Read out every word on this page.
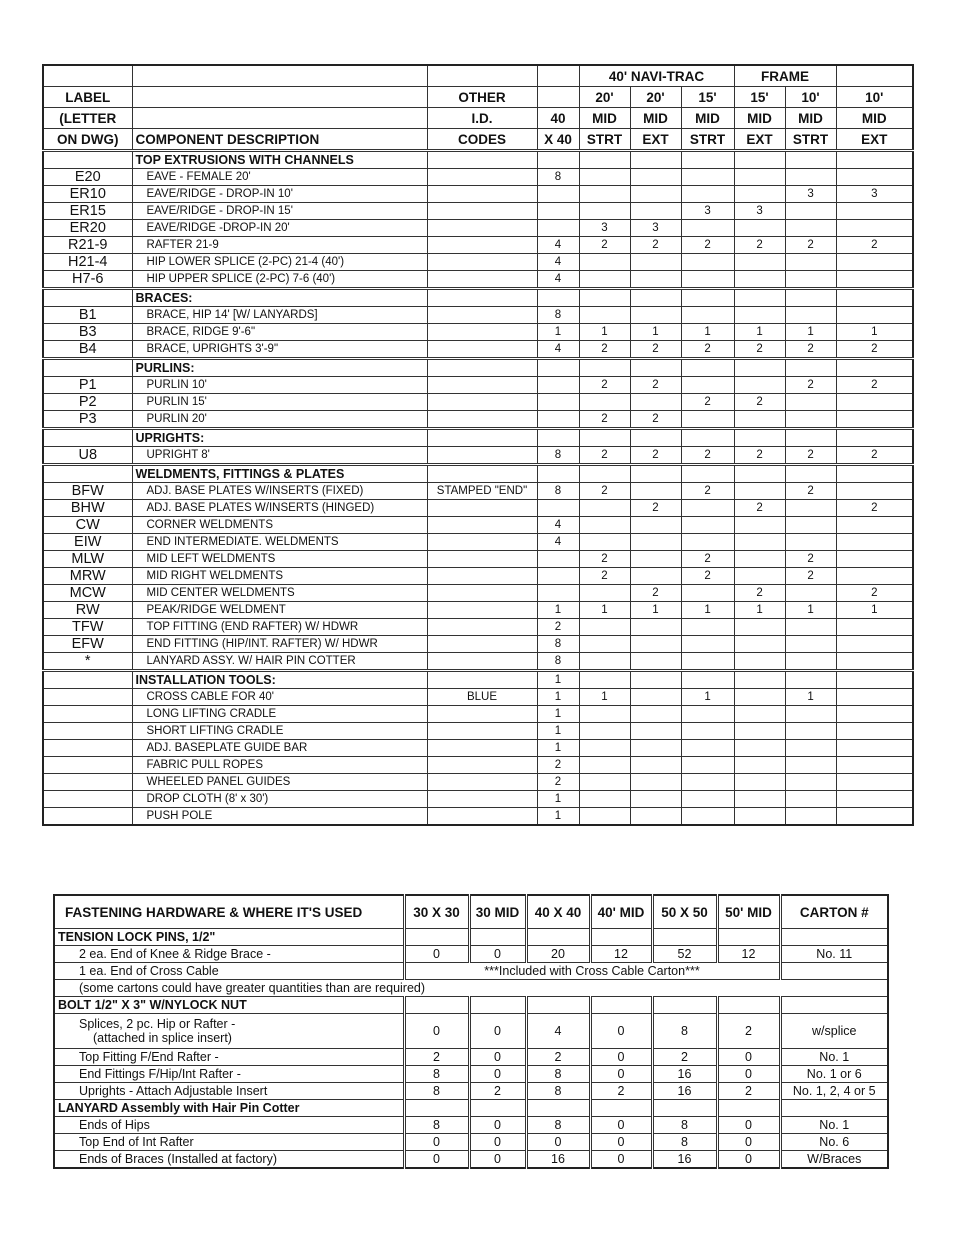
				40' NAVI-TRAC			FRAME		
LABEL		OTHER		20'	20'	15'	15'	10'	10'
(LETTER		I.D.	40	MID	MID	MID	MID	MID	MID
ON DWG)	COMPONENT DESCRIPTION	CODES	X 40	STRT	EXT	STRT	EXT	STRT	EXT
	TOP EXTRUSIONS WITH CHANNELS								
E20	EAVE - FEMALE 20'		8						
ER10	EAVE/RIDGE - DROP-IN 10'							3	3
ER15	EAVE/RIDGE - DROP-IN 15'					3	3		
ER20	EAVE/RIDGE -DROP-IN 20'			3	3				
R21-9	RAFTER 21-9		4	2	2	2	2	2	2
H21-4	HIP LOWER SPLICE (2-PC) 21-4 (40')		4						
H7-6	HIP UPPER SPLICE (2-PC) 7-6 (40')		4						
	BRACES:								
B1	BRACE, HIP 14' [W/ LANYARDS]		8						
B3	BRACE, RIDGE 9'-6"		1	1	1	1	1	1	1
B4	BRACE, UPRIGHTS 3'-9"		4	2	2	2	2	2	2
	PURLINS:								
P1	PURLIN 10'			2	2			2	2
P2	PURLIN 15'					2	2		
P3	PURLIN 20'			2	2				
	UPRIGHTS:								
U8	UPRIGHT 8'		8	2	2	2	2	2	2
	WELDMENTS, FITTINGS & PLATES								
BFW	ADJ. BASE PLATES W/INSERTS (FIXED)	STAMPED "END"	8	2		2		2	
BHW	ADJ. BASE PLATES W/INSERTS (HINGED)				2		2		2
CW	CORNER WELDMENTS		4						
EIW	END INTERMEDIATE. WELDMENTS		4						
MLW	MID LEFT WELDMENTS			2		2		2	
MRW	MID RIGHT WELDMENTS			2		2		2	
MCW	MID CENTER WELDMENTS				2		2		2
RW	PEAK/RIDGE WELDMENT		1	1	1	1	1	1	1
TFW	TOP FITTING (END RAFTER) W/ HDWR		2						
EFW	END FITTING (HIP/INT. RAFTER) W/ HDWR		8						
*	LANYARD ASSY. W/ HAIR PIN COTTER		8						
	INSTALLATION TOOLS:		1						
	CROSS CABLE FOR 40'	BLUE	1	1		1		1	
	LONG LIFTING CRADLE		1						
	SHORT LIFTING CRADLE		1						
	ADJ. BASEPLATE GUIDE BAR		1						
	FABRIC PULL ROPES		2						
	WHEELED PANEL GUIDES		2						
	DROP CLOTH (8' x 30')		1						
	PUSH POLE		1						
FASTENING HARDWARE & WHERE IT'S USED	30 X 30	30 MID	40 X 40	40' MID	50 X 50	50' MID	CARTON #
TENSION LOCK PINS, 1/2"							

2 ea. End of Knee & Ridge Brace -	0	0	20	12	52	12	No. 11

1 ea. End of Cross Cable	***Included with Cross Cable Carton***						
(some cartons could have greater quantities than are required)							
BOLT 1/2" X 3" W/NYLOCK NUT							

Splices, 2 pc. Hip or Rafter -
(attached in splice insert)	0	0	4	0	8	2	w/splice

Top Fitting F/End Rafter -	2	0	2	0	2	0	No. 1

End Fittings F/Hip/Int Rafter -	8	0	8	0	16	0	No. 1 or 6

Uprights - Attach Adjustable Insert	8	2	8	2	16	2	No. 1, 2, 4 or 5
LANYARD Assembly with Hair Pin Cotter							

Ends of Hips	8	0	8	0	8	0	No. 1

Top End of Int Rafter	0	0	0	0	8	0	No. 6

Ends of Braces (Installed at factory)	0	0	16	0	16	0	W/Braces
